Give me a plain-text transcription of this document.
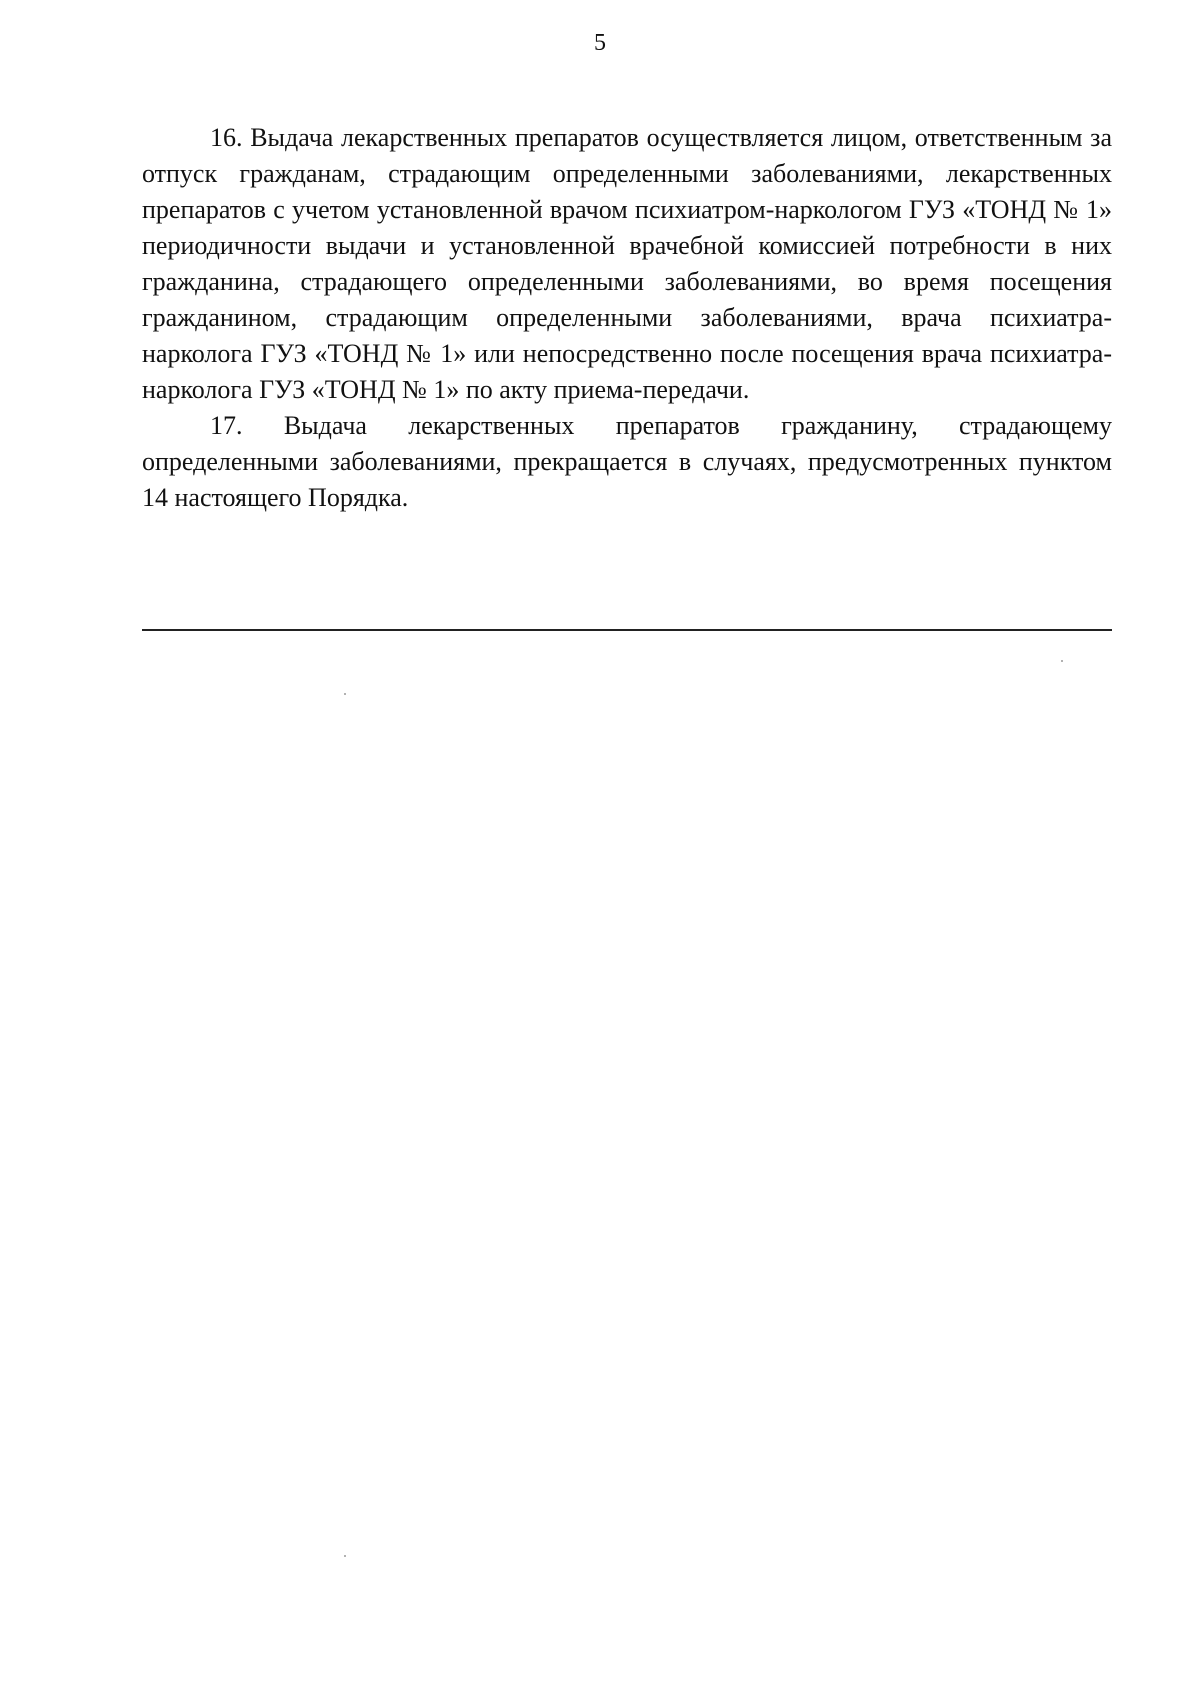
5

16. Выдача лекарственных препаратов осуществляется лицом, ответственным за отпуск гражданам, страдающим определенными заболеваниями, лекарственных препаратов с учетом установленной врачом психиатром-наркологом ГУЗ «ТОНД № 1» периодичности выдачи и установленной врачебной комиссией потребности в них гражданина, страдающего определенными заболеваниями, во время посещения гражданином, страдающим определенными заболеваниями, врача психиатра-нарколога ГУЗ «ТОНД № 1» или непосредственно после посещения врача психиатра-нарколога ГУЗ «ТОНД № 1» по акту приема-передачи.

17. Выдача лекарственных препаратов гражданину, страдающему определенными заболеваниями, прекращается в случаях, предусмотренных пунктом 14 настоящего Порядка.
